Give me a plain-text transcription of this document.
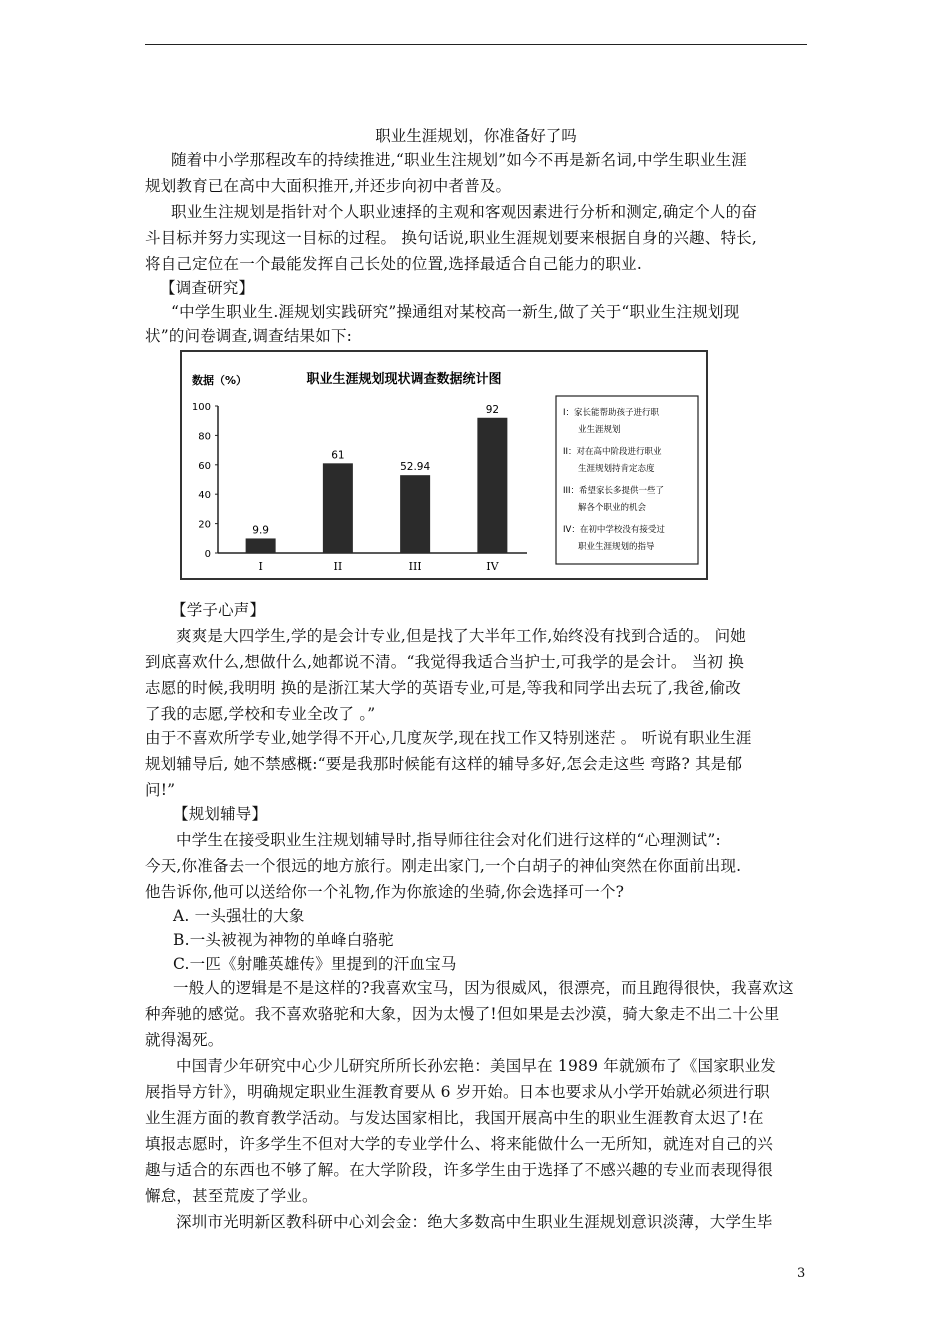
职业生涯规划，你准备好了吗
随着中小学那程改车的持续推进,“职业生注规划”如今不再是新名词,中学生职业生涯
规划教育已在高中大面积推开,并还步向初中者普及。
职业生注规划是指针对个人职业速择的主观和客观因素进行分析和测定,确定个人的奋
斗目标并努力实现这一目标的过程。 换句话说,职业生涯规划要来根据自身的兴趣、特长,
将自己定位在一个最能发挥自己长处的位置,选择最适合自己能力的职业.
【调查研究】
“中学生职业生.涯规划实践研究”操通组对某校高一新生,做了关于“职业生注规划现
状”的问卷调查,调查结果如下:
数据（%）	职业生涯规划现状调查数据统计图
0
20
40
60
80
100
9.9
I
61
II
52.94
III
92
IV
I：家长能帮助孩子进行职
业生涯规划
II：对在高中阶段进行职业
生涯规划持肯定态度
III：希望家长多提供一些了
解各个职业的机会
IV：在初中学校没有接受过
职业生涯规划的指导
【学子心声】
爽爽是大四学生,学的是会计专业,但是找了大半年工作,始终没有找到合适的。 问她
到底喜欢什么,想做什么,她都说不清。“我觉得我适合当护士,可我学的是会计。 当初 换
志愿的时候,我明明 换的是浙江某大学的英语专业,可是,等我和同学出去玩了,我爸,偷改
了我的志愿,学校和专业全改了 。”
由于不喜欢所学专业,她学得不开心,几度灰学,现在找工作又特别迷茫 。 听说有职业生涯
规划辅导后, 她不禁感概:“要是我那时候能有这样的辅导多好,怎会走这些 弯路? 其是郁
问!”
【规划辅导】
中学生在接受职业生注规划辅导时,指导师往往会对化们进行这样的“心理测试”:
今天,你准备去一个很远的地方旅行。刚走出家门,一个白胡子的神仙突然在你面前出现.
他告诉你,他可以送给你一个礼物,作为你旅途的坐骑,你会选择可一个?
A. 一头强壮的大象
B.一头被视为神物的单峰白骆驼
C.一匹《射雕英雄传》里提到的汗血宝马
一般人的逻辑是不是这样的?我喜欢宝马，因为很威风，很漂亮，而且跑得很快，我喜欢这
种奔驰的感觉。我不喜欢骆驼和大象，因为太慢了!但如果是去沙漠，骑大象走不出二十公里
就得渴死。
中国青少年研究中心少儿研究所所长孙宏艳：美国早在 1989 年就颁布了《国家职业发
展指导方针》，明确规定职业生涯教育要从 6 岁开始。日本也要求从小学开始就必须进行职
业生涯方面的教育教学活动。与发达国家相比，我国开展高中生的职业生涯教育太迟了!在
填报志愿时，许多学生不但对大学的专业学什么、将来能做什么一无所知，就连对自己的兴
趣与适合的东西也不够了解。在大学阶段，许多学生由于选择了不感兴趣的专业而表现得很
懈怠，甚至荒废了学业。
深圳市光明新区教科研中心刘会金：绝大多数高中生职业生涯规划意识淡薄，大学生毕
3
